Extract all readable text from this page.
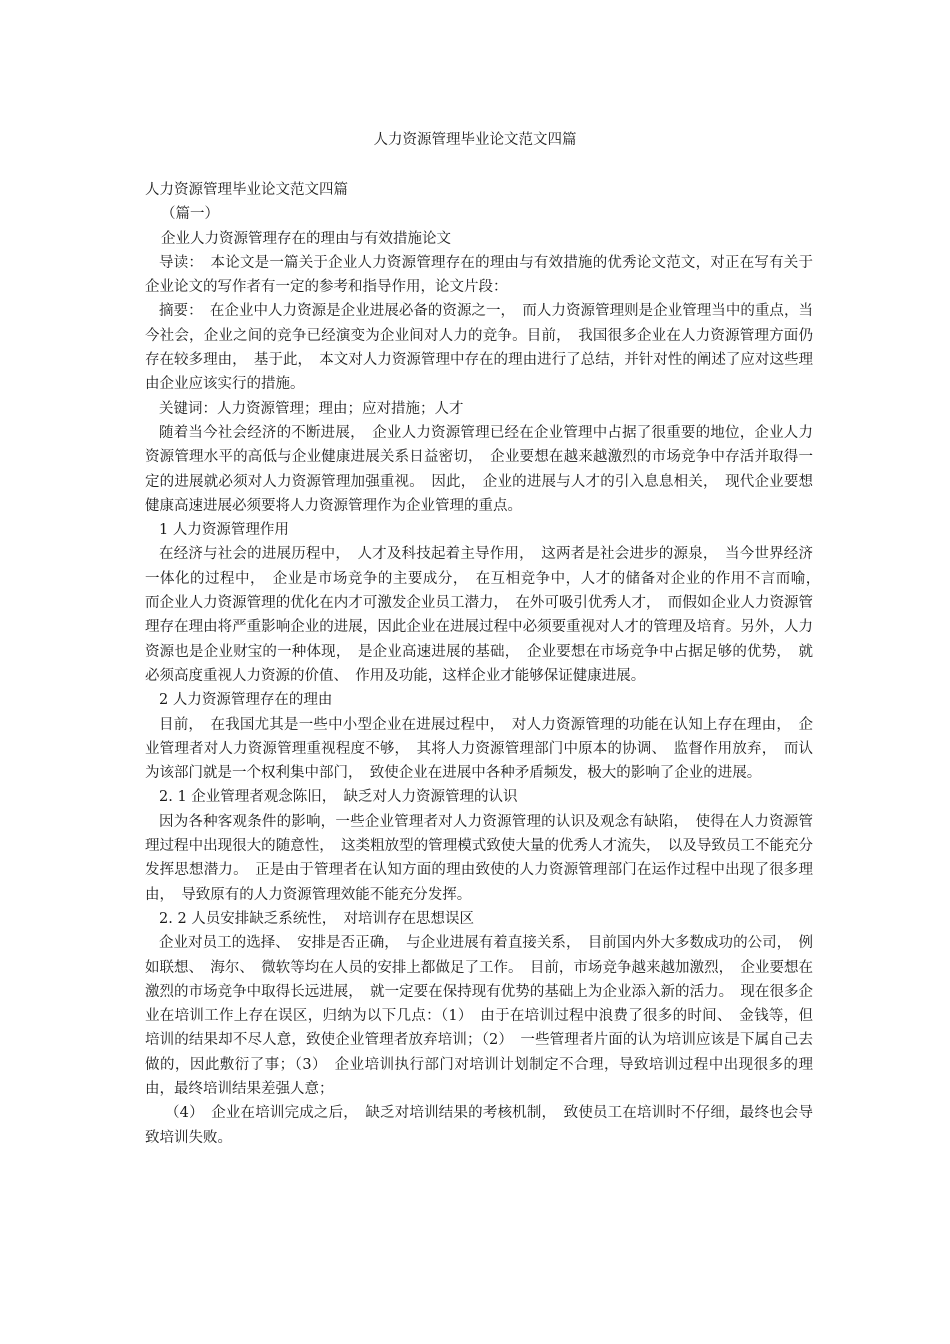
人力资源管理毕业论文范文四篇

人力资源管理毕业论文范文四篇

（篇一）

企业人力资源管理存在的理由与有效措施论文

导读：　本论文是一篇关于企业人力资源管理存在的理由与有效措施的优秀论文范文，对正在写有关于企业论文的写作者有一定的参考和指导作用，论文片段：

摘要：　在企业中人力资源是企业进展必备的资源之一，　而人力资源管理则是企业管理当中的重点，当今社会，企业之间的竞争已经演变为企业间对人力的竞争。目前，　我国很多企业在人力资源管理方面仍存在较多理由，　基于此，　本文对人力资源管理中存在的理由进行了总结，并针对性的阐述了应对这些理由企业应该实行的措施。

关键词：人力资源管理；理由；应对措施；人才

随着当今社会经济的不断进展，　企业人力资源管理已经在企业管理中占据了很重要的地位，企业人力资源管理水平的高低与企业健康进展关系日益密切，　企业要想在越来越激烈的市场竞争中存活并取得一定的进展就必须对人力资源管理加强重视。　因此，　企业的进展与人才的引入息息相关，　现代企业要想健康高速进展必须要将人力资源管理作为企业管理的重点。

1 人力资源管理作用

在经济与社会的进展历程中，　人才及科技起着主导作用，　这两者是社会进步的源泉，　当今世界经济一体化的过程中，　企业是市场竞争的主要成分，　在互相竞争中，人才的储备对企业的作用不言而喻，　而企业人力资源管理的优化在内才可激发企业员工潜力，　在外可吸引优秀人才，　而假如企业人力资源管理存在理由将严重影响企业的进展，因此企业在进展过程中必须要重视对人才的管理及培育。另外，人力资源也是企业财宝的一种体现，　是企业高速进展的基础，　企业要想在市场竞争中占据足够的优势，　就必须高度重视人力资源的价值、　作用及功能，这样企业才能够保证健康进展。

2 人力资源管理存在的理由

目前，　在我国尤其是一些中小型企业在进展过程中，　对人力资源管理的功能在认知上存在理由，　企业管理者对人力资源管理重视程度不够，　其将人力资源管理部门中原本的协调、　监督作用放弃，　而认为该部门就是一个权利集中部门，　致使企业在进展中各种矛盾频发，极大的影响了企业的进展。

2. 1 企业管理者观念陈旧，　缺乏对人力资源管理的认识

因为各种客观条件的影响，一些企业管理者对人力资源管理的认识及观念有缺陷，　使得在人力资源管理过程中出现很大的随意性，　这类粗放型的管理模式致使大量的优秀人才流失，　以及导致员工不能充分发挥思想潜力。　正是由于管理者在认知方面的理由致使的人力资源管理部门在运作过程中出现了很多理由，　导致原有的人力资源管理效能不能充分发挥。

2. 2 人员安排缺乏系统性，　对培训存在思想误区

企业对员工的选择、　安排是否正确，　与企业进展有着直接关系，　目前国内外大多数成功的公司，　例如联想、　海尔、　微软等均在人员的安排上都做足了工作。　目前，市场竞争越来越加激烈，　企业要想在激烈的市场竞争中取得长远进展，　就一定要在保持现有优势的基础上为企业添入新的活力。　现在很多企业在培训工作上存在误区，归纳为以下几点：（1）　由于在培训过程中浪费了很多的时间、　金钱等，但培训的结果却不尽人意，致使企业管理者放弃培训；（2）　一些管理者片面的认为培训应该是下属自己去做的，因此敷衍了事；（3）　企业培训执行部门对培训计划制定不合理，导致培训过程中出现很多的理由，最终培训结果差强人意；

（4）　企业在培训完成之后，　缺乏对培训结果的考核机制，　致使员工在培训时不仔细，最终也会导致培训失败。
